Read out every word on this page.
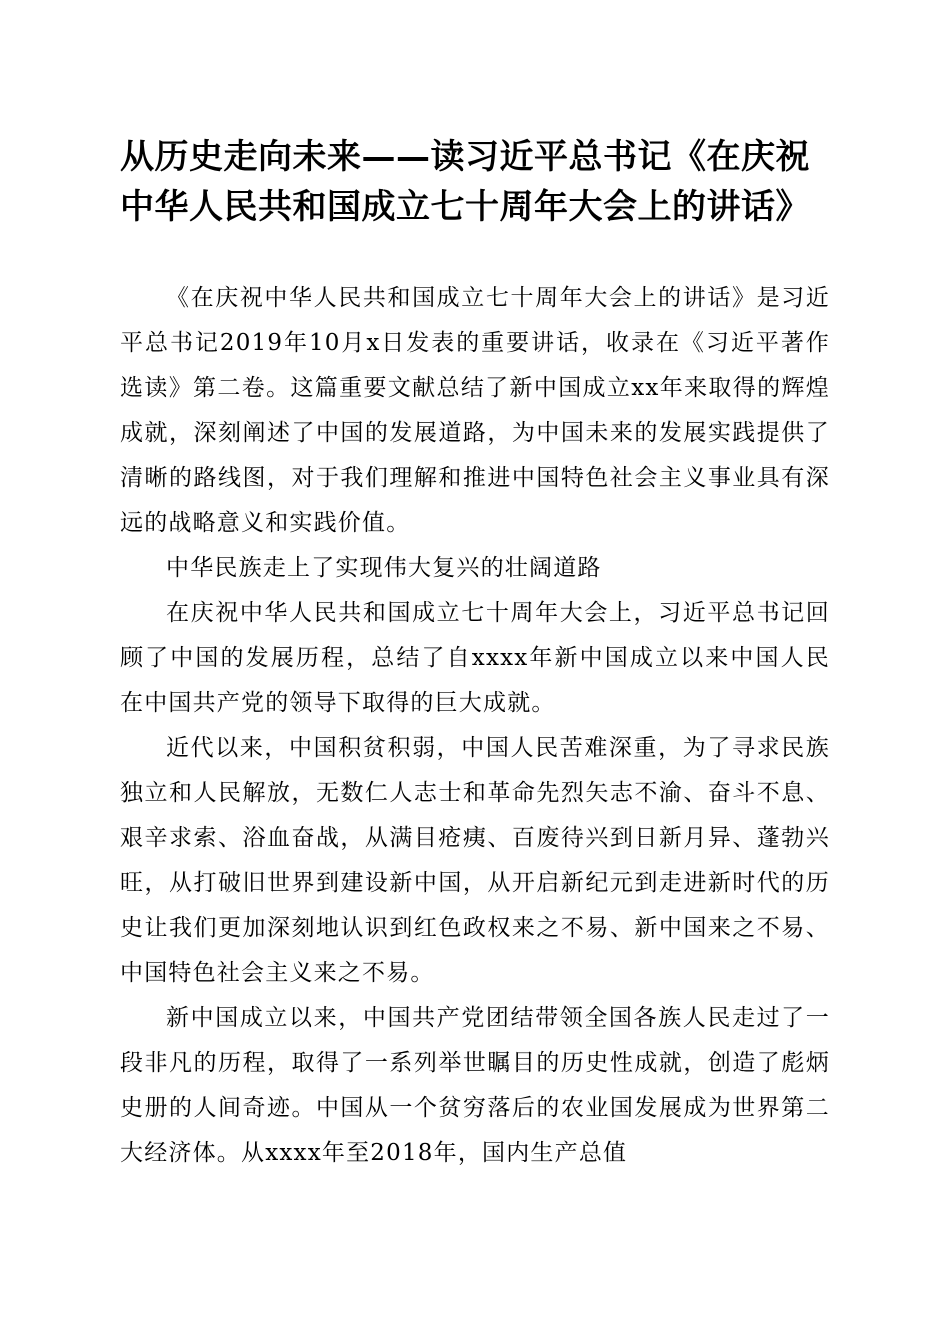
从历史走向未来——读习近平总书记《在庆祝
中华人民共和国成立七十周年大会上的讲话》

《在庆祝中华人民共和国成立七十周年大会上的讲话》是习近平总书记2019年10月x日发表的重要讲话，收录在《习近平著作选读》第二卷。这篇重要文献总结了新中国成立xx年来取得的辉煌成就，深刻阐述了中国的发展道路，为中国未来的发展实践提供了清晰的路线图，对于我们理解和推进中国特色社会主义事业具有深远的战略意义和实践价值。

中华民族走上了实现伟大复兴的壮阔道路

在庆祝中华人民共和国成立七十周年大会上，习近平总书记回顾了中国的发展历程，总结了自xxxx年新中国成立以来中国人民在中国共产党的领导下取得的巨大成就。

近代以来，中国积贫积弱，中国人民苦难深重，为了寻求民族独立和人民解放，无数仁人志士和革命先烈矢志不渝、奋斗不息、艰辛求索、浴血奋战，从满目疮痍、百废待兴到日新月异、蓬勃兴旺，从打破旧世界到建设新中国，从开启新纪元到走进新时代的历史让我们更加深刻地认识到红色政权来之不易、新中国来之不易、中国特色社会主义来之不易。

新中国成立以来，中国共产党团结带领全国各族人民走过了一段非凡的历程，取得了一系列举世瞩目的历史性成就，创造了彪炳史册的人间奇迹。中国从一个贫穷落后的农业国发展成为世界第二大经济体。从xxxx年至2018年，国内生产总值
